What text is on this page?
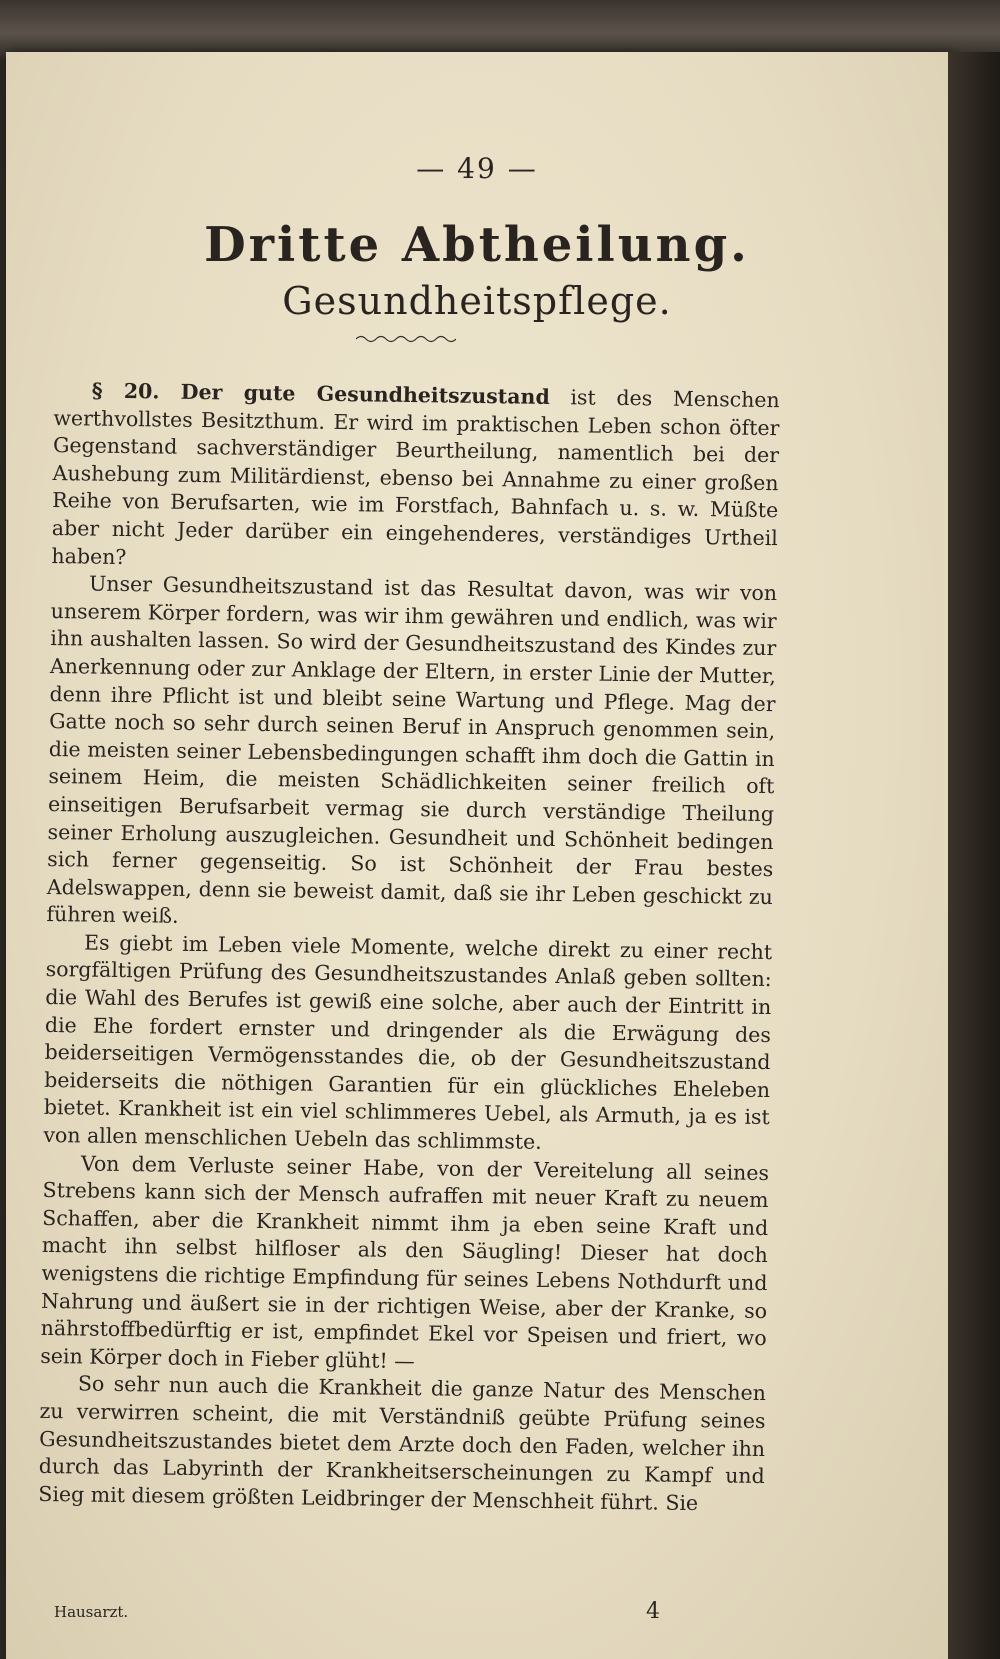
— 49 —
Dritte Abtheilung.
Gesundheitspflege.

§ 20. Der gute Gesundheitszustand ist des Menschen werthvollstes Besitzthum. Er wird im praktischen Leben schon öfter Gegenstand sachverständiger Beurtheilung, namentlich bei der Aushebung zum Militärdienst, ebenso bei Annahme zu einer großen Reihe von Berufsarten, wie im Forstfach, Bahnfach u. s. w. Müßte aber nicht Jeder darüber ein eingehenderes, verständiges Urtheil haben?

Unser Gesundheitszustand ist das Resultat davon, was wir von unserem Körper fordern, was wir ihm gewähren und endlich, was wir ihn aushalten lassen. So wird der Gesundheitszustand des Kindes zur Anerkennung oder zur Anklage der Eltern, in erster Linie der Mutter, denn ihre Pflicht ist und bleibt seine Wartung und Pflege. Mag der Gatte noch so sehr durch seinen Beruf in Anspruch genommen sein, die meisten seiner Lebensbedingungen schafft ihm doch die Gattin in seinem Heim, die meisten Schädlichkeiten seiner freilich oft einseitigen Berufsarbeit vermag sie durch verständige Theilung seiner Erholung auszugleichen. Gesundheit und Schönheit bedingen sich ferner gegenseitig. So ist Schönheit der Frau bestes Adelswappen, denn sie beweist damit, daß sie ihr Leben geschickt zu führen weiß.

Es giebt im Leben viele Momente, welche direkt zu einer recht sorgfältigen Prüfung des Gesundheitszustandes Anlaß geben sollten: die Wahl des Berufes ist gewiß eine solche, aber auch der Eintritt in die Ehe fordert ernster und dringender als die Erwägung des beiderseitigen Vermögensstandes die, ob der Gesundheitszustand beiderseits die nöthigen Garantien für ein glückliches Eheleben bietet. Krankheit ist ein viel schlimmeres Uebel, als Armuth, ja es ist von allen menschlichen Uebeln das schlimmste.

Von dem Verluste seiner Habe, von der Vereitelung all seines Strebens kann sich der Mensch aufraffen mit neuer Kraft zu neuem Schaffen, aber die Krankheit nimmt ihm ja eben seine Kraft und macht ihn selbst hilfloser als den Säugling! Dieser hat doch wenigstens die richtige Empfindung für seines Lebens Nothdurft und Nahrung und äußert sie in der richtigen Weise, aber der Kranke, so nährstoffbedürftig er ist, empfindet Ekel vor Speisen und friert, wo sein Körper doch in Fieber glüht! —

So sehr nun auch die Krankheit die ganze Natur des Menschen zu verwirren scheint, die mit Verständniß geübte Prüfung seines Gesundheitszustandes bietet dem Arzte doch den Faden, welcher ihn durch das Labyrinth der Krankheitserscheinungen zu Kampf und Sieg mit diesem größten Leidbringer der Menschheit führt. Sie

Hausarzt.	4
